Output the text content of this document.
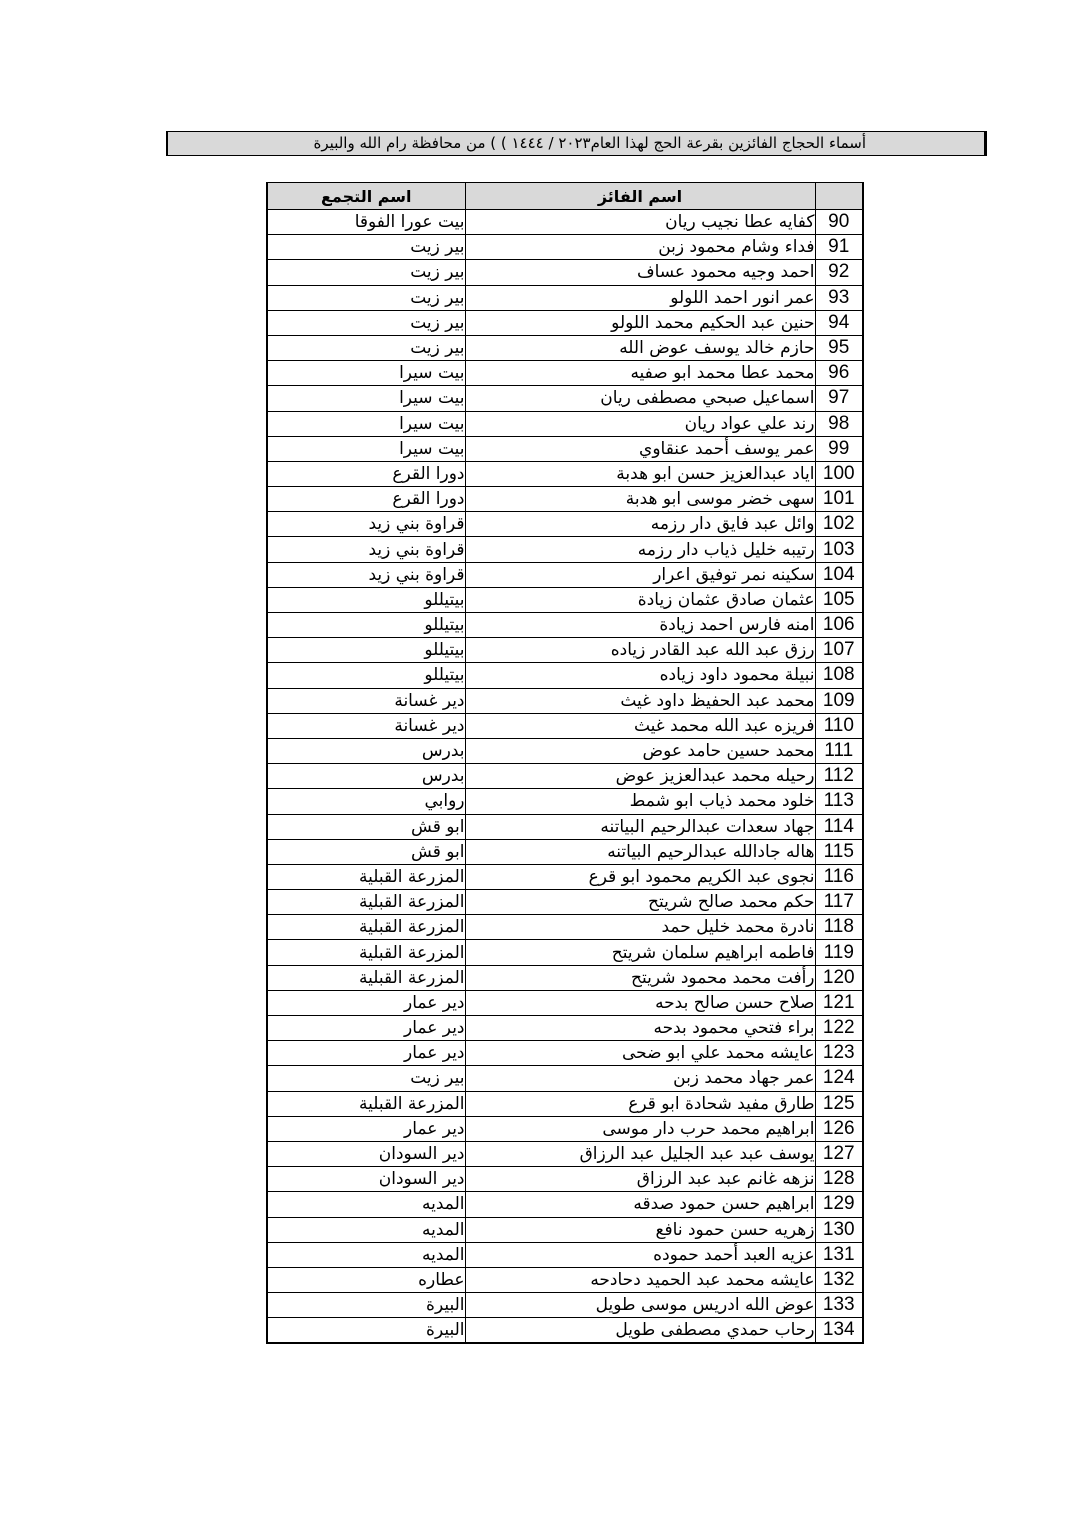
أسماء الحجاج الفائزين بقرعة الحج لهذا العام٢٠٢٣ / ١٤٤٤ ) ) من محافظة رام الله والبيرة
	اسم الفائز	اسم التجمع
90	كفايه عطا نجيب ريان	بيت عورا الفوقا
91	فداء وشام محمود زبن	بير زيت
92	احمد وجيه محمود عساف	بير زيت
93	عمر انور احمد اللولو	بير زيت
94	حنين عبد الحكيم محمد اللولو	بير زيت
95	حازم خالد يوسف عوض الله	بير زيت
96	محمد عطا محمد ابو صفيه	بيت سيرا
97	اسماعيل صبحي مصطفى ريان	بيت سيرا
98	رند علي عواد ريان	بيت سيرا
99	عمر يوسف أحمد عنقاوي	بيت سيرا
100	اياد عبدالعزيز حسن ابو هدبة	دورا القرع
101	سهى خضر موسى ابو هدبة	دورا القرع
102	وائل عبد فايق دار رزمه	قراوة بني زيد
103	رتيبه خليل ذياب دار رزمه	قراوة بني زيد
104	سكينه نمر توفيق اعرار	قراوة بني زيد
105	عثمان صادق عثمان زيادة	بيتيللو
106	امنه فارس احمد زيادة	بيتيللو
107	رزق عبد الله عبد القادر زياده	بيتيللو
108	نبيلة محمود داود زياده	بيتيللو
109	محمد عبد الحفيظ داود غيث	دير غسانة
110	فريزه عبد الله محمد غيث	دير غسانة
111	محمد حسين حامد عوض	بدرس
112	رحيله محمد عبدالعزيز عوض	بدرس
113	خلود محمد ذياب ابو شمط	روابي
114	جهاد سعدات عبدالرحيم البياتنه	ابو قش
115	هاله جادالله عبدالرحيم البياتنه	ابو قش
116	نجوى عبد الكريم محمود ابو قرع	المزرعة القبلية
117	حكم محمد صالح شريتح	المزرعة القبلية
118	نادرة محمد خليل حمد	المزرعة القبلية
119	فاطمه ابراهيم سلمان شريتح	المزرعة القبلية
120	رأفت محمد محمود شريتح	المزرعة القبلية
121	صلاح حسن صالح بدحه	دير عمار
122	براء فتحي محمود بدحه	دير عمار
123	عايشه محمد علي ابو ضحى	دير عمار
124	عمر جهاد محمد زبن	بير زيت
125	طارق مفيد شحادة ابو قرع	المزرعة القبلية
126	ابراهيم محمد حرب دار موسى	دير عمار
127	يوسف عبد عبد الجليل عبد الرزاق	دير السودان
128	نزهه غانم عبد عبد الرزاق	دير السودان
129	ابراهيم حسن حمود صدقه	المديه
130	زهريه حسن حمود نافع	المديه
131	عزيه العبد أحمد حموده	المديه
132	عايشه محمد عبد الحميد دحادحه	عطاره
133	عوض الله ادريس موسى طويل	البيرة
134	رحاب حمدي مصطفى طويل	البيرة
